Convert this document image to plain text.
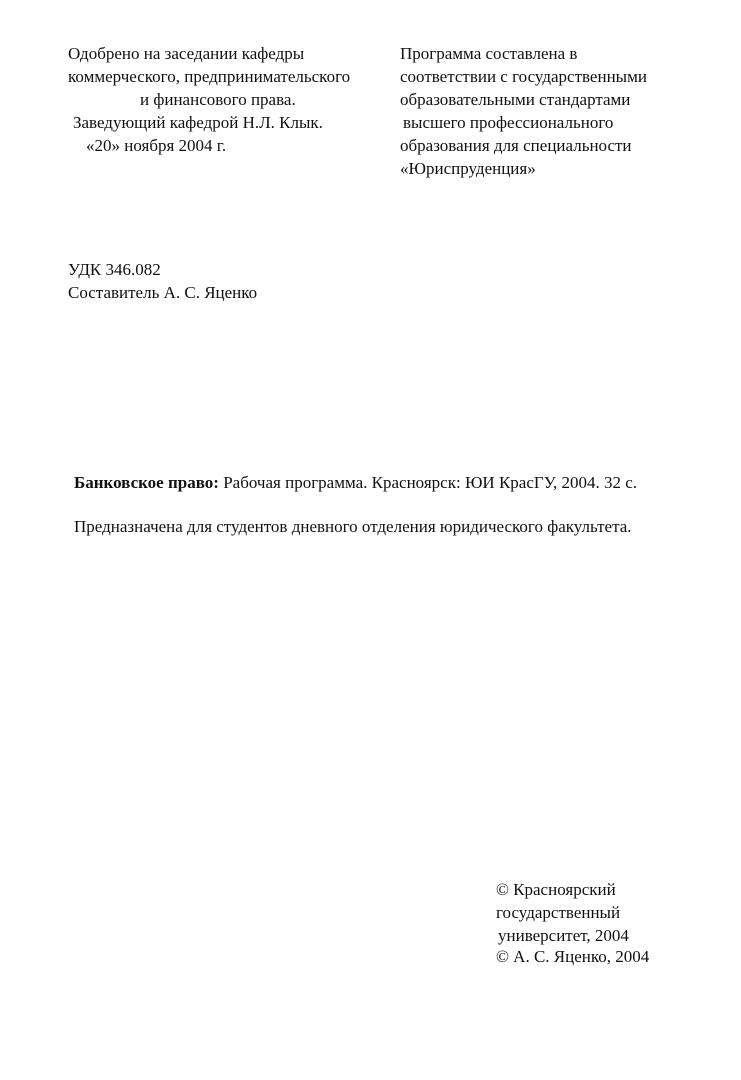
Одобрено на заседании кафедры
коммерческого, предпринимательского
и финансового права.
Заведующий кафедрой Н.Л. Клык.
«20» ноября 2004 г.
Программа составлена в
соответствии с государственными
образовательными стандартами
высшего профессионального
образования для специальности
«Юриспруденция»
УДК 346.082
Составитель А. С. Яценко
Банковское право: Рабочая программа. Красноярск: ЮИ КрасГУ, 2004. 32 с.
Предназначена для студентов дневного отделения юридического факультета.
© Красноярский
государственный
университет, 2004
© А. С. Яценко, 2004
